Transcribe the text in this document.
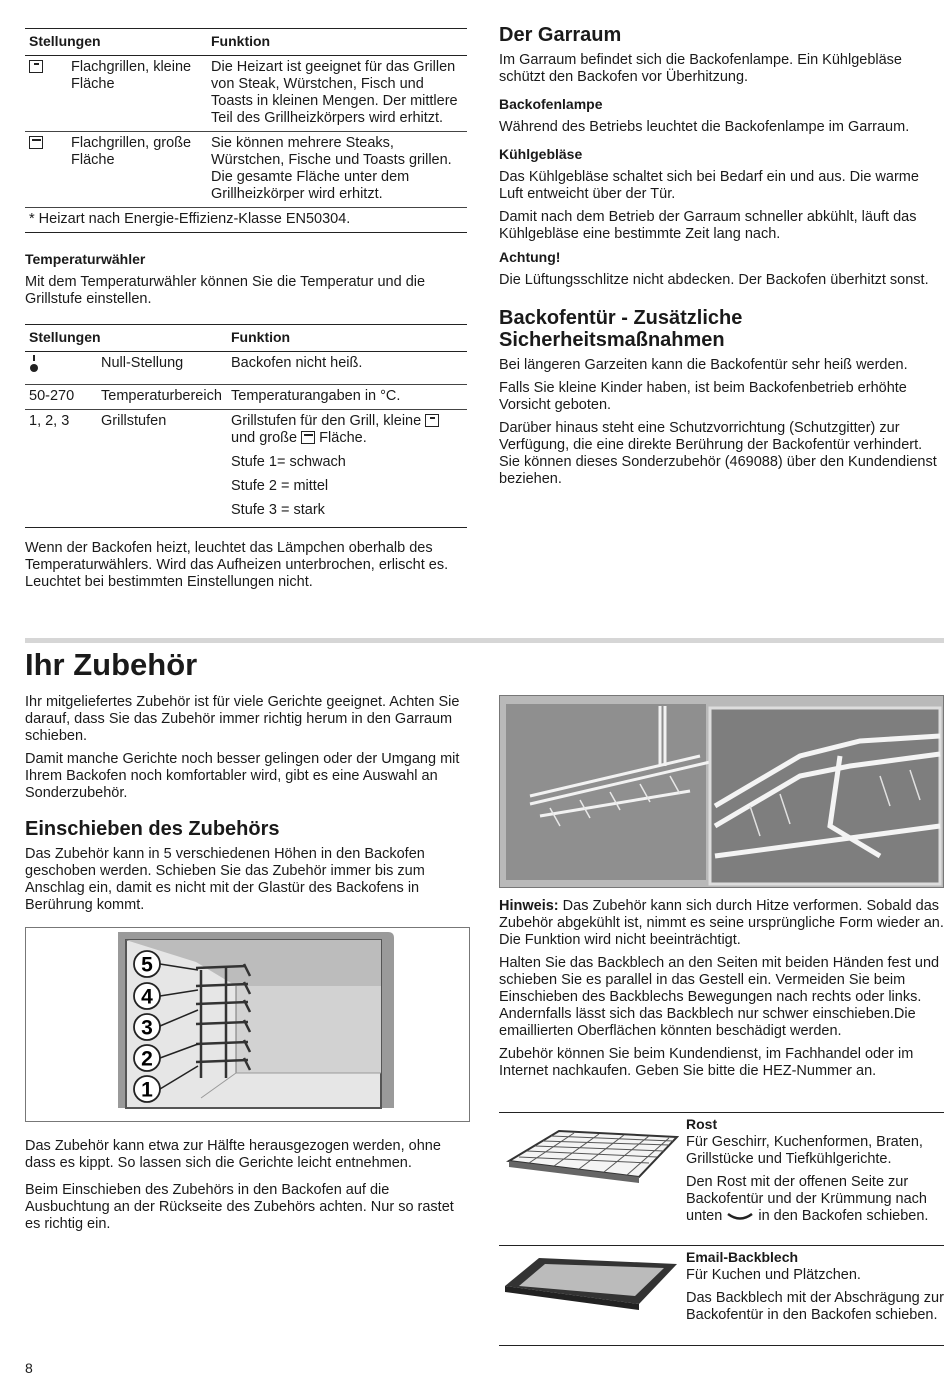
Stellungen		Funktion
	Flachgrillen, kleine Fläche	Die Heizart ist geeignet für das Grillen von Steak, Würstchen, Fisch und Toasts in kleinen Mengen. Der mittlere Teil des Grillheizkörpers wird erhitzt.
	Flachgrillen, große Fläche	Sie können mehrere Steaks, Würstchen, Fische und Toasts grillen. Die gesamte Fläche unter dem Grillheizkörper wird erhitzt.
* Heizart nach Energie-Effizienz-Klasse EN50304.		
Temperaturwähler

Mit dem Temperaturwähler können Sie die Temperatur und die Grillstufe einstellen.

Stellungen		Funktion
	Null-Stellung	Backofen nicht heiß.
50-270	Temperaturbereich	Temperaturangaben in °C.
1, 2, 3	Grillstufen	Grillstufen für den Grill, kleine
und große Fläche.
Stufe 1= schwach
Stufe 2 = mittel
Stufe 3 = stark

Wenn der Backofen heizt, leuchtet das Lämpchen oberhalb des Temperaturwählers. Wird das Aufheizen unterbrochen, erlischt es. Leuchtet bei bestimmten Einstellungen nicht.

Der Garraum

Im Garraum befindet sich die Backofenlampe. Ein Kühlgebläse schützt den Backofen vor Überhitzung.

Backofenlampe

Während des Betriebs leuchtet die Backofenlampe im Garraum.

Kühlgebläse

Das Kühlgebläse schaltet sich bei Bedarf ein und aus. Die warme Luft entweicht über der Tür.

Damit nach dem Betrieb der Garraum schneller abkühlt, läuft das Kühlgebläse eine bestimmte Zeit lang nach.

Achtung!

Die Lüftungsschlitze nicht abdecken. Der Backofen überhitzt sonst.

Backofentür - Zusätzliche Sicherheitsmaßnahmen

Bei längeren Garzeiten kann die Backofentür sehr heiß werden.

Falls Sie kleine Kinder haben, ist beim Backofenbetrieb erhöhte Vorsicht geboten.

Darüber hinaus steht eine Schutzvorrichtung (Schutzgitter) zur Verfügung, die eine direkte Berührung der Backofentür verhindert. Sie können dieses Sonderzubehör (469088) über den Kundendienst beziehen.

Ihr Zubehör

Ihr mitgeliefertes Zubehör ist für viele Gerichte geeignet. Achten Sie darauf, dass Sie das Zubehör immer richtig herum in den Garraum schieben.

Damit manche Gerichte noch besser gelingen oder der Umgang mit Ihrem Backofen noch komfortabler wird, gibt es eine Auswahl an Sonderzubehör.

Einschieben des Zubehörs

Das Zubehör kann in 5 verschiedenen Höhen in den Backofen geschoben werden. Schieben Sie das Zubehör immer bis zum Anschlag ein, damit es nicht mit der Glastür des Backofens in Berührung kommt.

5
4
3
2
1

Das Zubehör kann etwa zur Hälfte herausgezogen werden, ohne dass es kippt. So lassen sich die Gerichte leicht entnehmen.

Beim Einschieben des Zubehörs in den Backofen auf die Ausbuchtung an der Rückseite des Zubehörs achten. Nur so rastet es richtig ein.

Hinweis: Das Zubehör kann sich durch Hitze verformen. Sobald das Zubehör abgekühlt ist, nimmt es seine ursprüngliche Form wieder an. Die Funktion wird nicht beeinträchtigt.

Halten Sie das Backblech an den Seiten mit beiden Händen fest und schieben Sie es parallel in das Gestell ein. Vermeiden Sie beim Einschieben des Backblechs Bewegungen nach rechts oder links. Andernfalls lässt sich das Backblech nur schwer einschieben.Die emaillierten Oberflächen könnten beschädigt werden.

Zubehör können Sie beim Kundendienst, im Fachhandel oder im Internet nachkaufen. Geben Sie bitte die HEZ-Nummer an.

Rost

Für Geschirr, Kuchenformen, Braten, Grillstücke und Tiefkühlgerichte.

Den Rost mit der offenen Seite zur Backofentür und der Krümmung nach unten in den Backofen schieben.

Email-Backblech

Für Kuchen und Plätzchen.

Das Backblech mit der Abschrägung zur Backofentür in den Backofen schieben.

8
